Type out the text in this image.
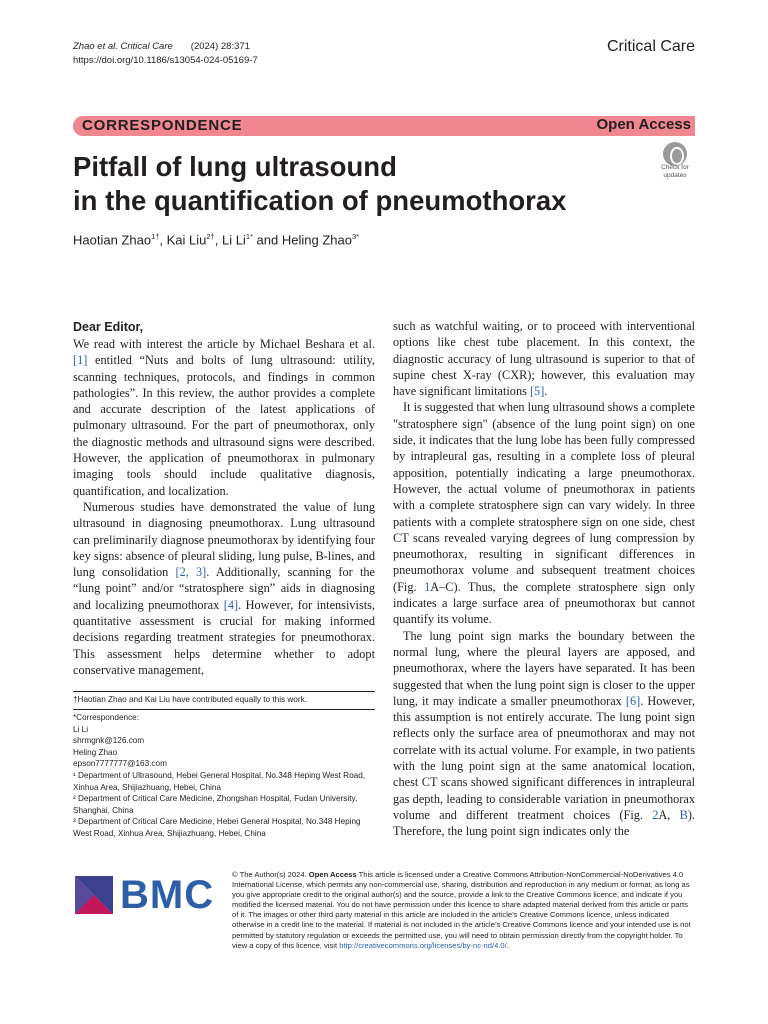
Zhao et al. Critical Care (2024) 28:371
https://doi.org/10.1186/s13054-024-05169-7
Critical Care
CORRESPONDENCE	Open Access
Pitfall of lung ultrasound
in the quantification of pneumothorax
Check for
updates
Haotian Zhao$^{1\dagger}$, Kai Liu$^{2\dagger}$, Li $Li^{1*}$ and Heling Zhao$^{3*}$
Dear Editor,

We read with interest the article by Michael Beshara et al. [1] entitled “Nuts and bolts of lung ultrasound: utility, scanning techniques, protocols, and findings in common pathologies”. In this review, the author provides a complete and accurate description of the latest applications of pulmonary ultrasound. For the part of pneumothorax, only the diagnostic methods and ultrasound signs were described. However, the application of pneumothorax in pulmonary imaging tools should include qualitative diagnosis, quantification, and localization.

Numerous studies have demonstrated the value of lung ultrasound in diagnosing pneumothorax. Lung ultrasound can preliminarily diagnose pneumothorax by identifying four key signs: absence of pleural sliding, lung pulse, B-lines, and lung consolidation [2, 3]. Additionally, scanning for the “lung point” and/or “stratosphere sign” aids in diagnosing and localizing pneumothorax [4]. However, for intensivists, quantitative assessment is crucial for making informed decisions regarding treatment strategies for pneumothorax. This assessment helps determine whether to adopt conservative management,

such as watchful waiting, or to proceed with interventional options like chest tube placement. In this context, the diagnostic accuracy of lung ultrasound is superior to that of supine chest X-ray (CXR); however, this evaluation may have significant limitations [5].

It is suggested that when lung ultrasound shows a complete "stratosphere sign" (absence of the lung point sign) on one side, it indicates that the lung lobe has been fully compressed by intrapleural gas, resulting in a complete loss of pleural apposition, potentially indicating a large pneumothorax. However, the actual volume of pneumothorax in patients with a complete stratosphere sign can vary widely. In three patients with a complete stratosphere sign on one side, chest CT scans revealed varying degrees of lung compression by pneumothorax, resulting in significant differences in pneumothorax volume and subsequent treatment choices (Fig. 1A–C). Thus, the complete stratosphere sign only indicates a large surface area of pneumothorax but cannot quantify its volume.

The lung point sign marks the boundary between the normal lung, where the pleural layers are apposed, and pneumothorax, where the layers have separated. It has been suggested that when the lung point sign is closer to the upper lung, it may indicate a smaller pneumothorax [6]. However, this assumption is not entirely accurate. The lung point sign reflects only the surface area of pneumothorax and may not correlate with its actual volume. For example, in two patients with the lung point sign at the same anatomical location, chest CT scans showed significant differences in intrapleural gas depth, leading to considerable variation in pneumothorax volume and different treatment choices (Fig. 2A, B). Therefore, the lung point sign indicates only the

†Haotian Zhao and Kai Liu have contributed equally to this work.
*Correspondence:
Li Li
shrmgnk@126.com
Heling Zhao
epson7777777@163.com
¹ Department of Ultrasound, Hebei General Hospital, No.348 Heping West Road, Xinhua Area, Shijiazhuang, Hebei, China
² Department of Critical Care Medicine, Zhongshan Hospital, Fudan University, Shanghai, China
³ Department of Critical Care Medicine, Hebei General Hospital, No.348 Heping West Road, Xinhua Area, Shijiazhuang, Hebei, China
BMC © The Author(s) 2024. Open Access This article is licensed under a Creative Commons Attribution-NonCommercial-NoDerivatives 4.0 International License, which permits any non-commercial use, sharing, distribution and reproduction in any medium or format, as long as you give appropriate credit to the original author(s) and the source, provide a link to the Creative Commons licence, and indicate if you modified the licensed material. You do not have permission under this licence to share adapted material derived from this article or parts of it. The images or other third party material in this article are included in the article’s Creative Commons licence, unless indicated otherwise in a credit line to the material. If material is not included in the article’s Creative Commons licence and your intended use is not permitted by statutory regulation or exceeds the permitted use, you will need to obtain permission directly from the copyright holder. To view a copy of this licence, visit http://creativecommons.org/licenses/by-nc-nd/4.0/.
